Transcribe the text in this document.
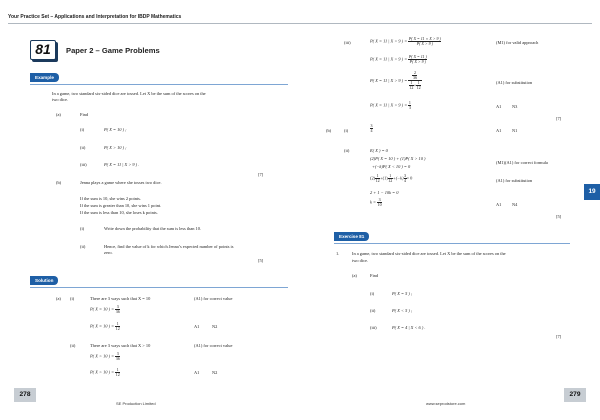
Your Practice Set – Applications and Interpretation for IBDP Mathematics
81	Paper 2 – Game Problems
Example
In a game, two standard six-sided dice are tossed. Let X be the sum of the scores on the
two dice.
(a)	Find
(i)	P( X = 10 ) ;
(ii)	P( X > 10 ) ;
(iii)	P( X = 11 | X > 9 ) .
[7]
(b)	Jenna plays a game where she tosses two dice.
If the sum is 10, she wins 2 points.
If the sum is greater than 10, she wins 1 point.
If the sum is less than 10, she loses k points.
(i)	Write down the probability that the sum is less than 10.
(ii)	Hence, find the value of k for which Jenna’s expected number of points is
zero.
[5]
Solution
(a) (i)	There are 3 ways such that X = 10	(A1) for correct value
P( X = 10 ) = $\frac{3}{36}$
P( X = 10 ) = $\frac{1}{12}$	A1	N2
(ii)	There are 3 ways such that X > 10	(A1) for correct value
P( X > 10 ) = $\frac{3}{36}$
P( X > 10 ) = $\frac{1}{12}$	A1	N2
278
SE Production Limited
(iii)	P( X = 11 | X > 9 ) = $\frac{P( X = 11 \cap X > 9 )}{P( X > 9 )}$	(M1) for valid approach
P( X = 11 | X > 9 ) = $\frac{P( X = 11 )}{P( X > 9 )}$
P( X = 11 | X > 9 ) = $\frac{\frac{2}{36}}{\frac{1}{12} + \frac{1}{12}}$	(A1) for substitution
P( X = 11 | X > 9 ) = $\frac{1}{3}$	A1 N3
[7]
(b)	(i)	$\frac{3}{4}$	A1 N1
(ii)	E( X ) = 0
(2)P( X = 10 ) + (1)P( X > 10 )
(M1)(A1) for correct formula
+(−k)P( X < 10 ) = 0
$(2) \frac{1}{12} +(1) \frac{1}{12} +(-k) \frac{3}{4} = 0$	(A1) for substitution
2 + 1 − 10k = 0
$k = \frac{3}{10}$	A1 N4
[5]
Exercise 81
1.	In a game, two standard six-sided dice are tossed. Let X be the sum of the scores on the
two dice.
(a)	Find
(i)	P( X = 5 ) ;
(ii)	P( X < 5 ) ;
(iii)	P( X = 4 | X < 6 ) .
[7]
19
279
www.seprodstore.com
